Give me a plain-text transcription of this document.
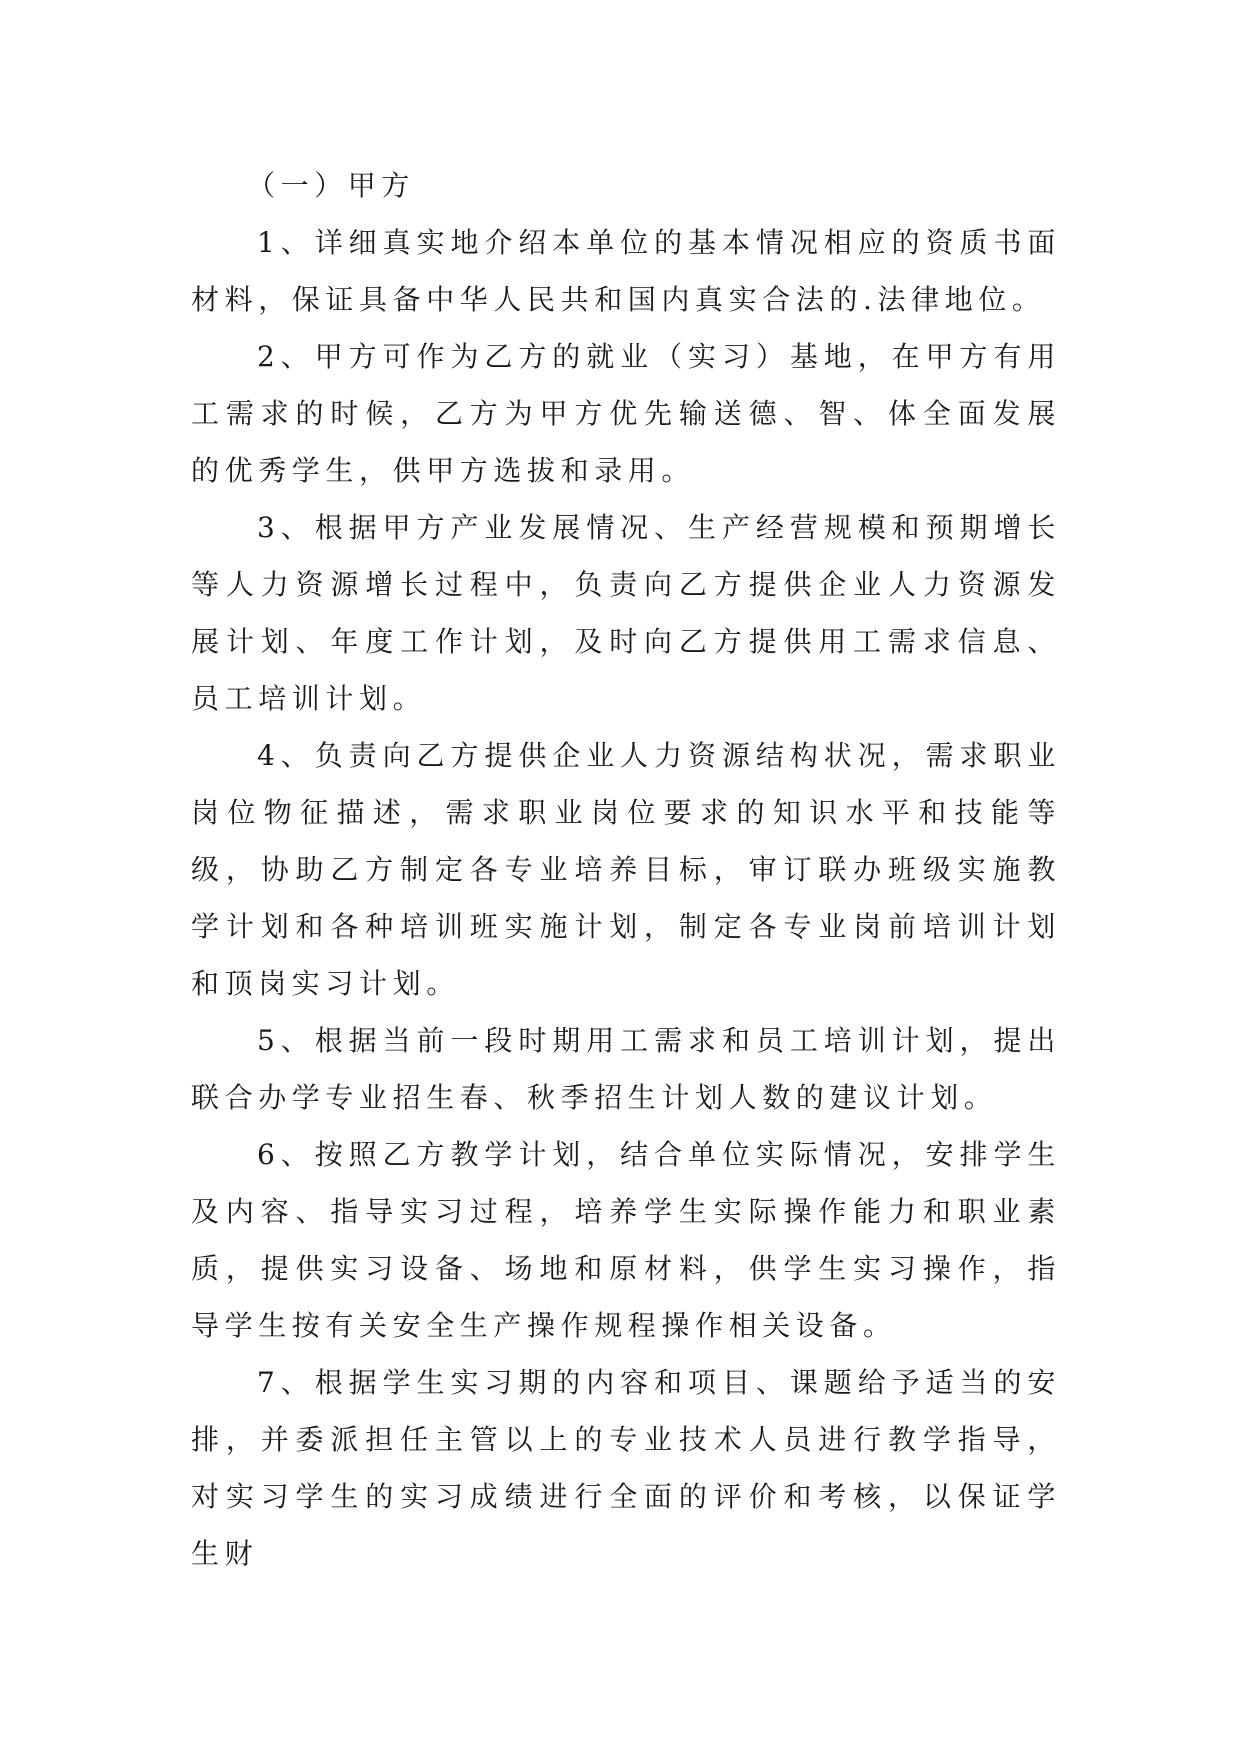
（一）甲方

1、详细真实地介绍本单位的基本情况相应的资质书面材料，保证具备中华人民共和国内真实合法的.法律地位。

2、甲方可作为乙方的就业（实习）基地，在甲方有用工需求的时候，乙方为甲方优先输送德、智、体全面发展的优秀学生，供甲方选拔和录用。

3、根据甲方产业发展情况、生产经营规模和预期增长等人力资源增长过程中，负责向乙方提供企业人力资源发展计划、年度工作计划，及时向乙方提供用工需求信息、员工培训计划。

4、负责向乙方提供企业人力资源结构状况，需求职业岗位物征描述，需求职业岗位要求的知识水平和技能等级，协助乙方制定各专业培养目标，审订联办班级实施教学计划和各种培训班实施计划，制定各专业岗前培训计划和顶岗实习计划。

5、根据当前一段时期用工需求和员工培训计划，提出联合办学专业招生春、秋季招生计划人数的建议计划。

6、按照乙方教学计划，结合单位实际情况，安排学生及内容、指导实习过程，培养学生实际操作能力和职业素质，提供实习设备、场地和原材料，供学生实习操作，指导学生按有关安全生产操作规程操作相关设备。

7、根据学生实习期的内容和项目、课题给予适当的安排，并委派担任主管以上的专业技术人员进行教学指导，对实习学生的实习成绩进行全面的评价和考核，以保证学生财
